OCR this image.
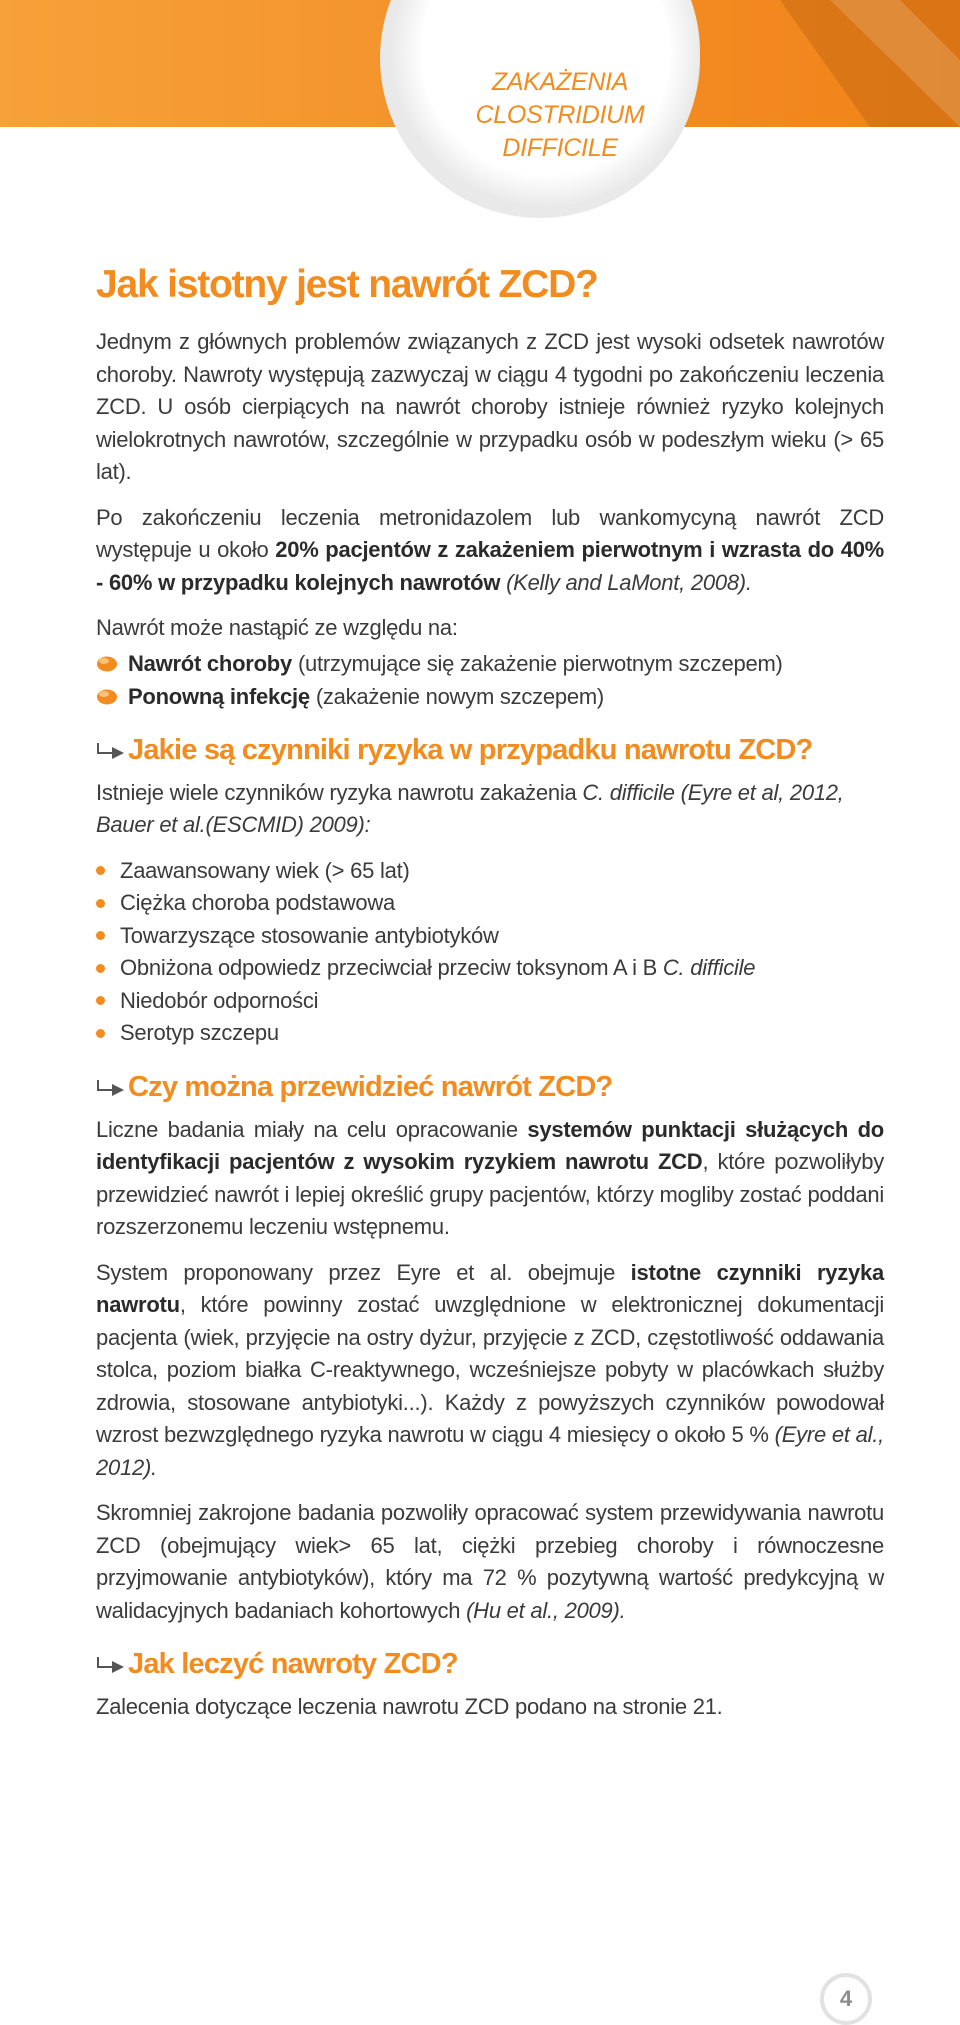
ZAKAŻENIA
CLOSTRIDIUM
DIFFICILE
Jak istotny jest nawrót ZCD?

Jednym z głównych problemów związanych z ZCD jest wysoki odsetek nawrotów choroby. Nawroty występują zazwyczaj w ciągu 4 tygodni po zakończeniu leczenia ZCD. U osób cierpiących na nawrót choroby istnieje również ryzyko kolejnych wielokrotnych nawrotów, szczególnie w przypadku osób w podeszłym wieku (> 65 lat).

Po zakończeniu leczenia metronidazolem lub wankomycyną nawrót ZCD występuje u około 20% pacjentów z zakażeniem pierwotnym i wzrasta do 40% - 60% w przypadku kolejnych nawrotów (Kelly and LaMont, 2008).

Nawrót może nastąpić ze względu na:

Nawrót choroby (utrzymujące się zakażenie pierwotnym szczepem)
Ponowną infekcję (zakażenie nowym szczepem)
Jakie są czynniki ryzyka w przypadku nawrotu ZCD?

Istnieje wiele czynników ryzyka nawrotu zakażenia C. difficile (Eyre et al, 2012, Bauer et al.(ESCMID) 2009):

Zaawansowany wiek (> 65 lat)
Ciężka choroba podstawowa
Towarzyszące stosowanie antybiotyków
Obniżona odpowiedz przeciwciał przeciw toksynom A i B C. difficile
Niedobór odporności
Serotyp szczepu
Czy można przewidzieć nawrót ZCD?

Liczne badania miały na celu opracowanie systemów punktacji służących do identyfikacji pacjentów z wysokim ryzykiem nawrotu ZCD, które pozwoliłyby przewidzieć nawrót i lepiej określić grupy pacjentów, którzy mogliby zostać poddani rozszerzonemu leczeniu wstępnemu.

System proponowany przez Eyre et al. obejmuje istotne czynniki ryzyka nawrotu, które powinny zostać uwzględnione w elektronicznej dokumentacji pacjenta (wiek, przyjęcie na ostry dyżur, przyjęcie z ZCD, częstotliwość oddawania stolca, poziom białka C-reaktywnego, wcześniejsze pobyty w placówkach służby zdrowia, stosowane antybiotyki...). Każdy z powyższych czynników powodował wzrost bezwzględnego ryzyka nawrotu w ciągu 4 miesięcy o około 5 % (Eyre et al., 2012).

Skromniej zakrojone badania pozwoliły opracować system przewidywania nawrotu ZCD (obejmujący wiek> 65 lat, ciężki przebieg choroby i równoczesne przyjmowanie antybiotyków), który ma 72 % pozytywną wartość predykcyjną w walidacyjnych badaniach kohortowych (Hu et al., 2009).

Jak leczyć nawroty ZCD?

Zalecenia dotyczące leczenia nawrotu ZCD podano na stronie 21.

4
